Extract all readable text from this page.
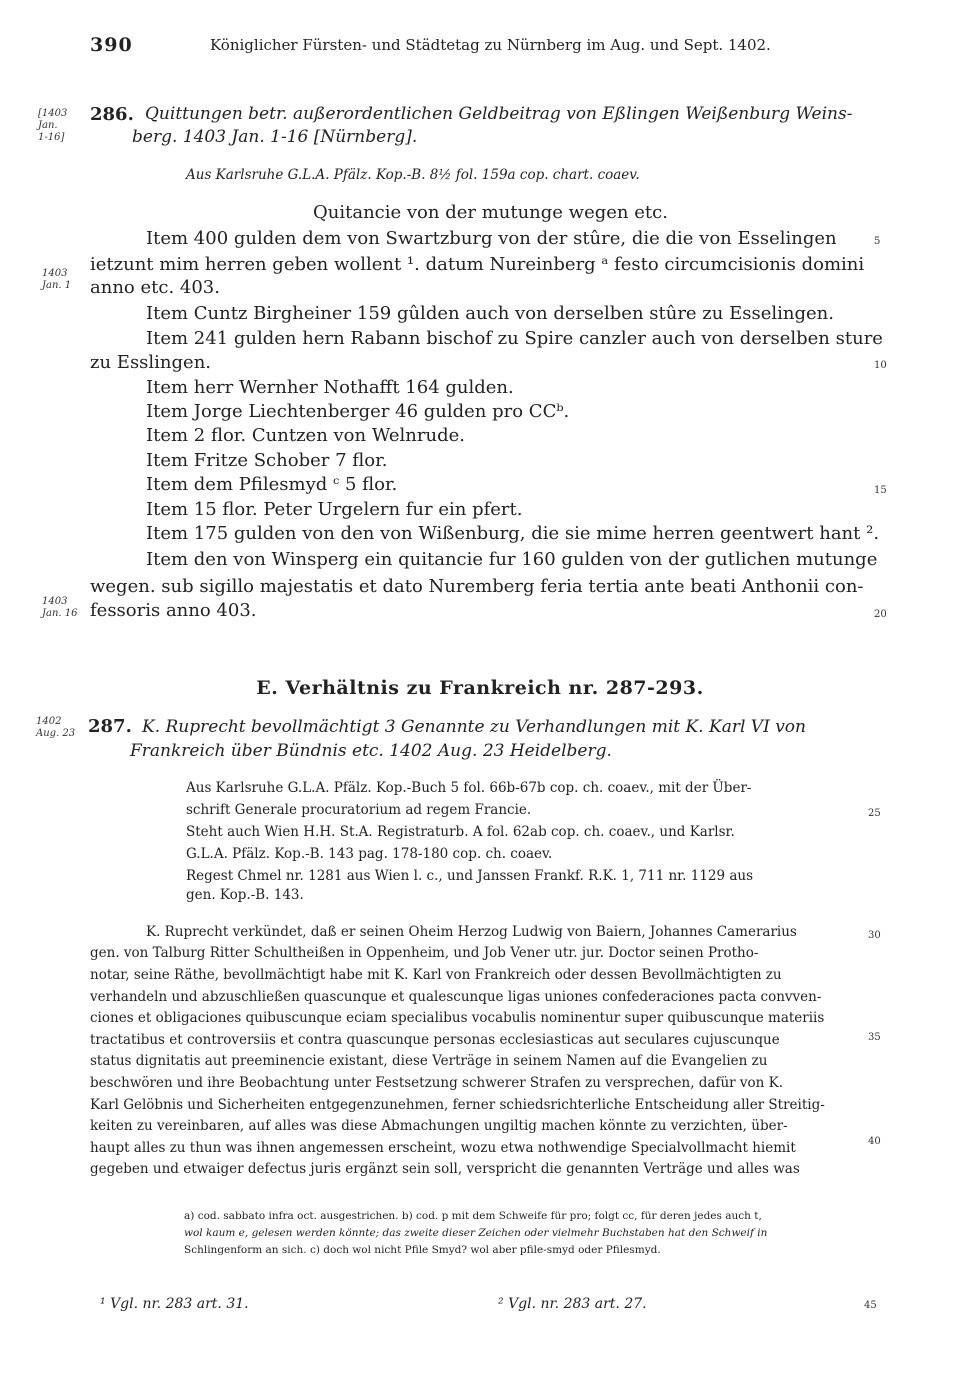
390	Königlicher Fürsten- und Städtetag zu Nürnberg im Aug. und Sept. 1402.
[1403
Jan.
1-16]
286. Quittungen betr. außerordentlichen Geldbeitrag von Eßlingen Weißenburg Weins-
berg. 1403 Jan. 1-16 [Nürnberg].
Aus Karlsruhe G.L.A. Pfälz. Kop.-B. 8½ fol. 159a cop. chart. coaev.
Quitancie von der mutunge wegen etc.
Item 400 gulden dem von Swartzburg von der stûre, die die von Esselingen
ietzunt mim herren geben wollent ¹. datum Nureinberg ᵃ festo circumcisionis domini
anno etc. 403.
Item Cuntz Birgheiner 159 gûlden auch von derselben stûre zu Esselingen.
Item 241 gulden hern Rabann bischof zu Spire canzler auch von derselben sture
zu Esslingen.
Item herr Wernher Nothafft 164 gulden.
Item Jorge Liechtenberger 46 gulden pro CCᵇ.
Item 2 flor. Cuntzen von Welnrude.
Item Fritze Schober 7 flor.
Item dem Pfilesmyd ᶜ 5 flor.
Item 15 flor. Peter Urgelern fur ein pfert.
Item 175 gulden von den von Wißenburg, die sie mime herren geentwert hant ².
Item den von Winsperg ein quitancie fur 160 gulden von der gutlichen mutunge
wegen. sub sigillo majestatis et dato Nuremberg feria tertia ante beati Anthonii con-
fessoris anno 403.
1403
Jan. 1
1403
Jan. 16
5
10
15
20
25
30
35
40
E. Verhältnis zu Frankreich nr. 287-293.
1402
Aug. 23 287. K. Ruprecht bevollmächtigt 3 Genannte zu Verhandlungen mit K. Karl VI von
Frankreich über Bündnis etc. 1402 Aug. 23 Heidelberg.
Aus Karlsruhe G.L.A. Pfälz. Kop.-Buch 5 fol. 66b-67b cop. ch. coaev., mit der Über-
schrift Generale procuratorium ad regem Francie.
Steht auch Wien H.H. St.A. Registraturb. A fol. 62ab cop. ch. coaev., und Karlsr.
G.L.A. Pfälz. Kop.-B. 143 pag. 178-180 cop. ch. coaev.
Regest Chmel nr. 1281 aus Wien l. c., und Janssen Frankf. R.K. 1, 711 nr. 1129 aus
gen. Kop.-B. 143.
K. Ruprecht verkündet, daß er seinen Oheim Herzog Ludwig von Baiern, Johannes Camerarius
gen. von Talburg Ritter Schultheißen in Oppenheim, und Job Vener utr. jur. Doctor seinen Protho-
notar, seine Räthe, bevollmächtigt habe mit K. Karl von Frankreich oder dessen Bevollmächtigten zu
verhandeln und abzuschließen quascunque et qualescunque ligas uniones confederaciones pacta convven-
ciones et obligaciones quibuscunque eciam specialibus vocabulis nominentur super quibuscunque materiis
tractatibus et controversiis et contra quascunque personas ecclesiasticas aut seculares cujuscunque
status dignitatis aut preeminencie existant, diese Verträge in seinem Namen auf die Evangelien zu
beschwören und ihre Beobachtung unter Festsetzung schwerer Strafen zu versprechen, dafür von K.
Karl Gelöbnis und Sicherheiten entgegenzunehmen, ferner schiedsrichterliche Entscheidung aller Streitig-
keiten zu vereinbaren, auf alles was diese Abmachungen ungiltig machen könnte zu verzichten, über-
haupt alles zu thun was ihnen angemessen erscheint, wozu etwa nothwendige Specialvollmacht hiemit
gegeben und etwaiger defectus juris ergänzt sein soll, verspricht die genannten Verträge und alles was
a) cod. sabbato infra oct. ausgestrichen. b) cod. p mit dem Schweife für pro; folgt cc, für deren jedes auch t,
wol kaum e, gelesen werden könnte; das zweite dieser Zeichen oder vielmehr Buchstaben hat den Schweif in
Schlingenform an sich. c) doch wol nicht Pfile Smyd? wol aber pfile-smyd oder Pfilesmyd.
¹ Vgl. nr. 283 art. 31.	² Vgl. nr. 283 art. 27.	45
